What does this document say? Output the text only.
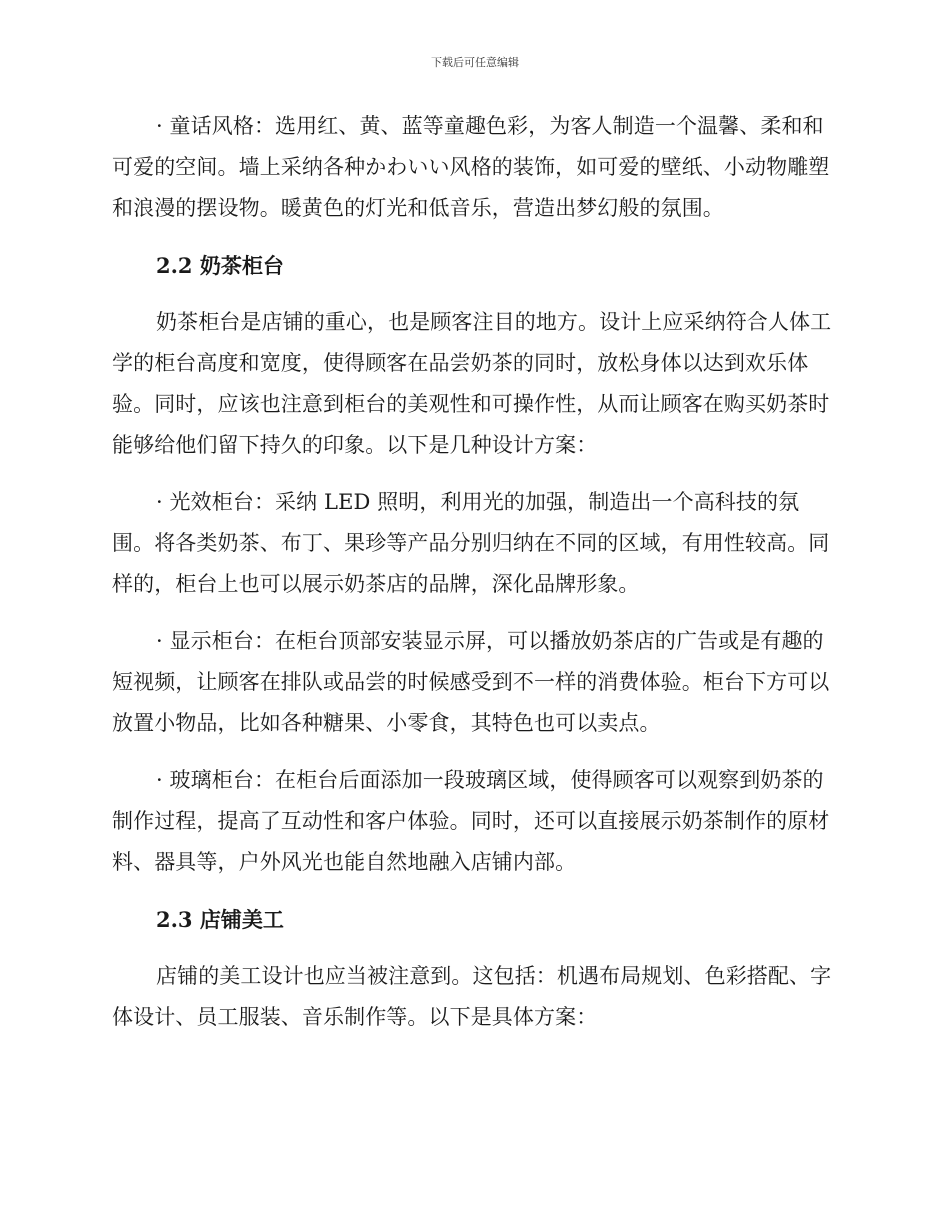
下载后可任意编辑

· 童话风格：选用红、黄、蓝等童趣色彩，为客人制造一个温馨、柔和和可爱的空间。墙上采纳各种かわいい风格的装饰，如可爱的壁纸、小动物雕塑和浪漫的摆设物。暖黄色的灯光和低音乐，营造出梦幻般的氛围。

2.2 奶茶柜台

奶茶柜台是店铺的重心，也是顾客注目的地方。设计上应采纳符合人体工学的柜台高度和宽度，使得顾客在品尝奶茶的同时，放松身体以达到欢乐体验。同时，应该也注意到柜台的美观性和可操作性，从而让顾客在购买奶茶时能够给他们留下持久的印象。以下是几种设计方案：

· 光效柜台：采纳 LED 照明，利用光的加强，制造出一个高科技的氛围。将各类奶茶、布丁、果珍等产品分别归纳在不同的区域，有用性较高。同样的，柜台上也可以展示奶茶店的品牌，深化品牌形象。

· 显示柜台：在柜台顶部安装显示屏，可以播放奶茶店的广告或是有趣的短视频，让顾客在排队或品尝的时候感受到不一样的消费体验。柜台下方可以放置小物品，比如各种糖果、小零食，其特色也可以卖点。

· 玻璃柜台：在柜台后面添加一段玻璃区域，使得顾客可以观察到奶茶的制作过程，提高了互动性和客户体验。同时，还可以直接展示奶茶制作的原材料、器具等，户外风光也能自然地融入店铺内部。

2.3 店铺美工

店铺的美工设计也应当被注意到。这包括：机遇布局规划、色彩搭配、字体设计、员工服装、音乐制作等。以下是具体方案：
